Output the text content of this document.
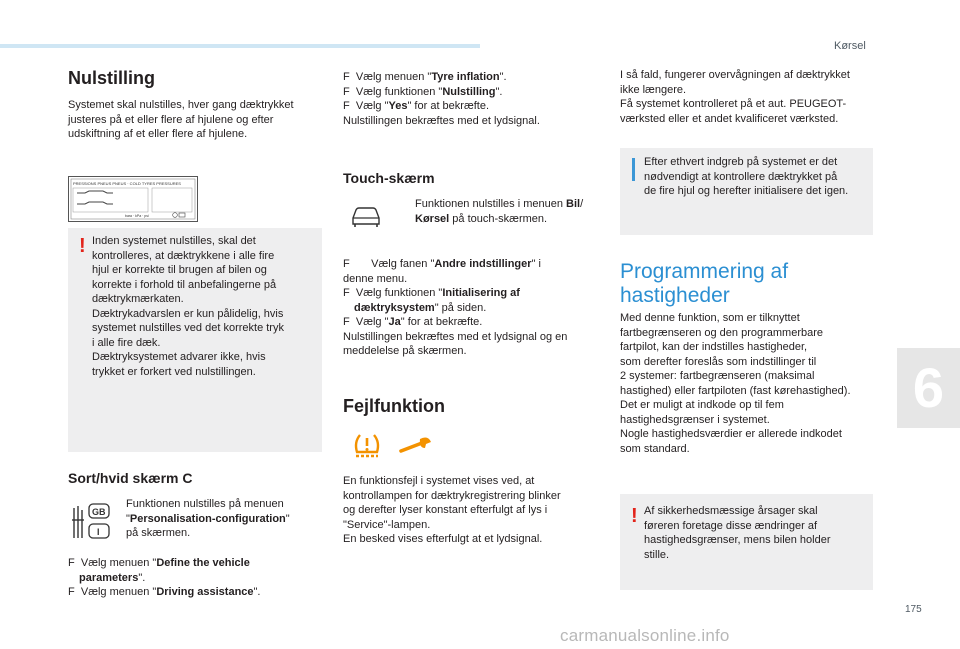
Kørsel
Nulstilling
Systemet skal nulstilles, hver gang dæktrykket
justeres på et eller flere af hjulene og efter
udskiftning af et eller flere af hjulene.
PRESSIONS PNEUS PNEUS · COLD TYRES PRESSURES
bara · kPa · psi
! Inden systemet nulstilles, skal det
kontrolleres, at dæktrykkene i alle fire
hjul er korrekte til brugen af bilen og
korrekte i forhold til anbefalingerne på
dæktrykmærkaten.
Dæktrykadvarslen er kun pålidelig, hvis
systemet nulstilles ved det korrekte tryk
i alle fire dæk.
Dæktryksystemet advarer ikke, hvis
trykket er forkert ved nulstillingen.
Sort/hvid skærm C
GB
I
Funktionen nulstilles på menuen
"Personalisation-configuration"
på skærmen.
F Vælg menuen "Define the vehicle
parameters".
F Vælg menuen "Driving assistance".
F Vælg menuen "Tyre inflation".
F Vælg funktionen "Nulstilling".
F Vælg "Yes" for at bekræfte.
Nulstillingen bekræftes med et lydsignal.
Touch-skærm
Funktionen nulstilles i menuen Bil/
Kørsel på touch-skærmen.
F Vælg fanen "Andre indstillinger" i
denne menu.
F Vælg funktionen "Initialisering af
dæktryksystem" på siden.
F Vælg "Ja" for at bekræfte.
Nulstillingen bekræftes med et lydsignal og en
meddelelse på skærmen.
Fejlfunktion
En funktionsfejl i systemet vises ved, at
kontrollampen for dæktrykregistrering blinker
og derefter lyser konstant efterfulgt af lys i
"Service"-lampen.
En besked vises efterfulgt at et lydsignal.
I så fald, fungerer overvågningen af dæktrykket
ikke længere.
Få systemet kontrolleret på et aut. PEUGEOT-
værksted eller et andet kvalificeret værksted.
Efter ethvert indgreb på systemet er det
nødvendigt at kontrollere dæktrykket på
de fire hjul og herefter initialisere det igen.
Programmering af
hastigheder
Med denne funktion, som er tilknyttet
fartbegrænseren og den programmerbare
fartpilot, kan der indstilles hastigheder,
som derefter foreslås som indstillinger til
2 systemer: fartbegrænseren (maksimal
hastighed) eller fartpiloten (fast kørehastighed).
Det er muligt at indkode op til fem
hastighedsgrænser i systemet.
Nogle hastighedsværdier er allerede indkodet
som standard.
! Af sikkerhedsmæssige årsager skal
føreren foretage disse ændringer af
hastighedsgrænser, mens bilen holder
stille.
6
175
carmanualsonline.info
